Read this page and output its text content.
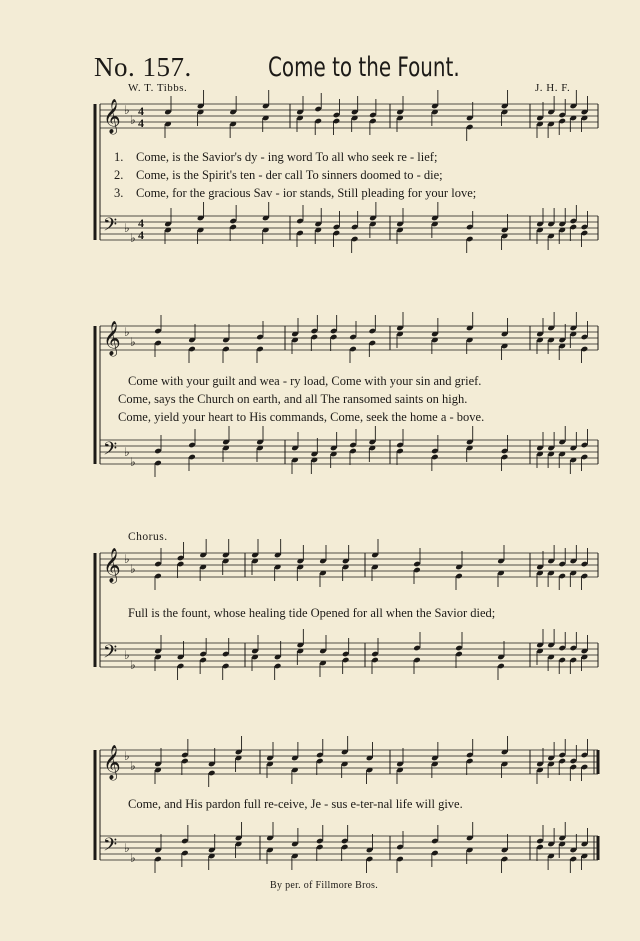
No. 157.	Come to the Fount.
W. T. Tibbs.	J. H. F.
𝄞 ♭
♭
4
4
𝄢 ♭
♭
4
4
𝄞 ♭
♭
𝄢 ♭
♭
𝄞 ♭
♭
𝄢 ♭
♭
𝄞 ♭
♭
𝄢 ♭
♭
1. Come, is the Savior's dy - ing word To all who seek re - lief;
2. Come, is the Spirit's ten - der call To sinners doomed to - die;
3. Come, for the gracious Sav - ior stands, Still pleading for your love;
Come with your guilt and wea - ry load, Come with your sin and grief.
Come, says the Church on earth, and all The ransomed saints on high.
Come, yield your heart to His commands, Come, seek the home a - bove.
Chorus.
Full is the fount, whose healing tide Opened for all when the Savior died;
Come, and His pardon full re-ceive, Je - sus e-ter-nal life will give.
By per. of Fillmore Bros.
